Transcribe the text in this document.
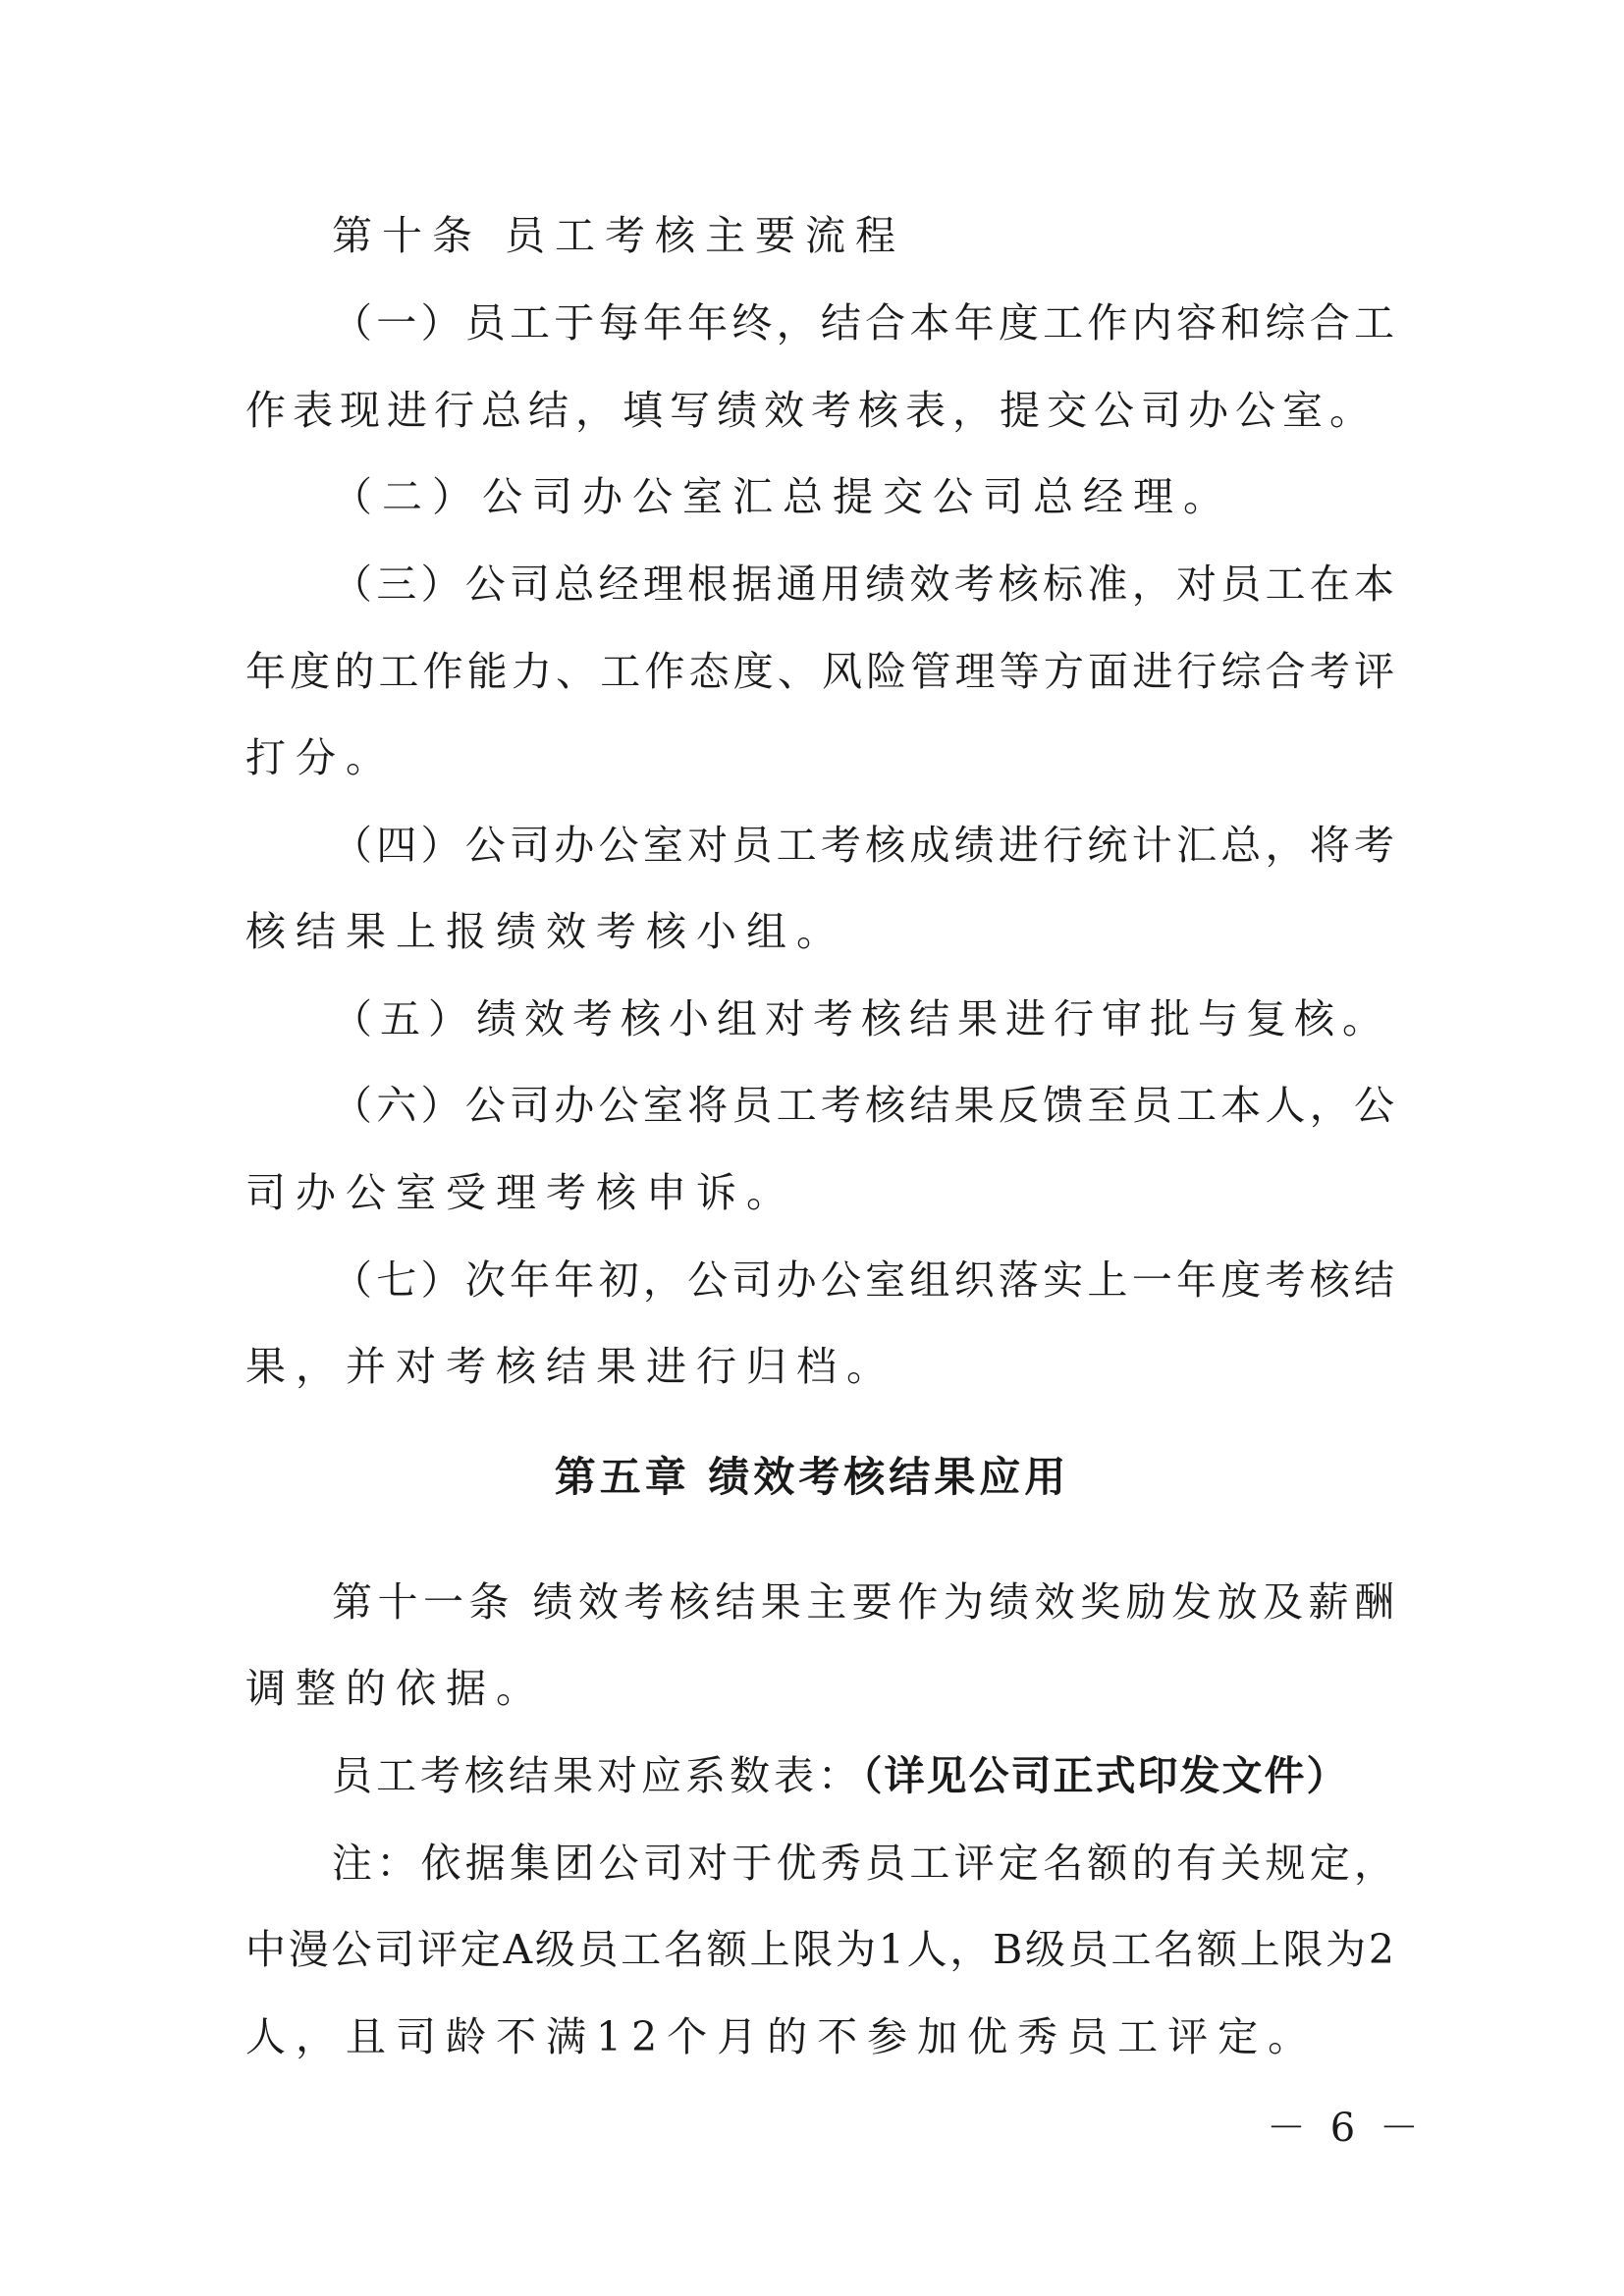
第十条 员工考核主要流程
（一）员工于每年年终，结合本年度工作内容和综合工
作表现进行总结，填写绩效考核表，提交公司办公室。
（二）公司办公室汇总提交公司总经理。
（三）公司总经理根据通用绩效考核标准，对员工在本
年度的工作能力、工作态度、风险管理等方面进行综合考评
打分。
（四）公司办公室对员工考核成绩进行统计汇总，将考
核结果上报绩效考核小组。
（五）绩效考核小组对考核结果进行审批与复核。
（六）公司办公室将员工考核结果反馈至员工本人，公
司办公室受理考核申诉。
（七）次年年初，公司办公室组织落实上一年度考核结
果，并对考核结果进行归档。
第五章 绩效考核结果应用
第十一条 绩效考核结果主要作为绩效奖励发放及薪酬
调整的依据。
员工考核结果对应系数表：（详见公司正式印发文件）
注：依据集团公司对于优秀员工评定名额的有关规定，
中漫公司评定A级员工名额上限为1人，B级员工名额上限为2
人，且司龄不满12个月的不参加优秀员工评定。
－ 6 －
